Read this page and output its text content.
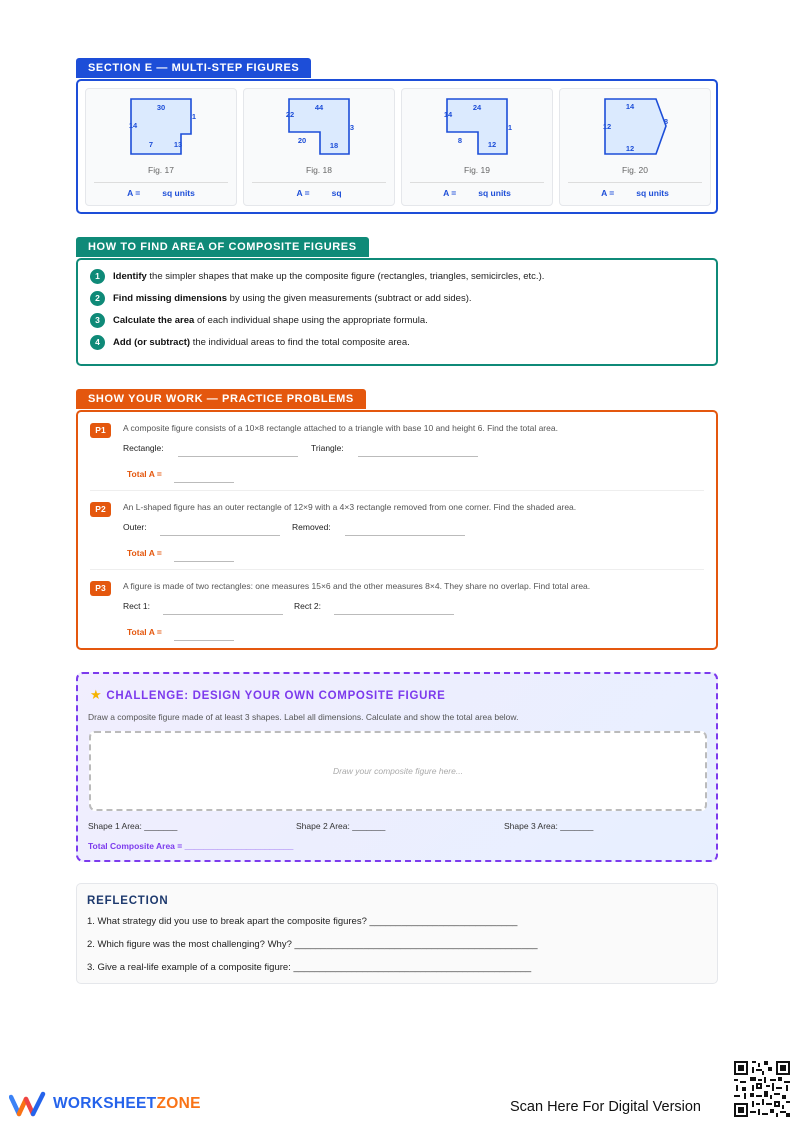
SECTION E — MULTI-STEP FIGURES
30
14
1
7	13
Fig. 17
A =	sq units
44
22
3
20
18
Fig. 18
A =	sq
24
14
1
8	12
Fig. 19
A =	sq units
14
12
8
12
Fig. 20
A =	sq units
HOW TO FIND AREA OF COMPOSITE FIGURES
1 Identify the simpler shapes that make up the composite figure (rectangles, triangles, semicircles, etc.).
2 Find missing dimensions by using the given measurements (subtract or add sides).
3 Calculate the area of each individual shape using the appropriate formula.
4 Add (or subtract) the individual areas to find the total composite area.
SHOW YOUR WORK — PRACTICE PROBLEMS
P1	A composite figure consists of a 10×8 rectangle attached to a triangle with base 10 and height 6. Find the total area.
Rectangle:	Triangle:
Total A =
P2	An L-shaped figure has an outer rectangle of 12×9 with a 4×3 rectangle removed from one corner. Find the shaded area.
Outer:	Removed:
Total A =
P3	A figure is made of two rectangles: one measures 15×6 and the other measures 8×4. They share no overlap. Find total area.
Rect 1:	Rect 2:
Total A =
★ CHALLENGE: DESIGN YOUR OWN COMPOSITE FIGURE
Draw a composite figure made of at least 3 shapes. Label all dimensions. Calculate and show the total area below.
Draw your composite figure here...
Shape 1 Area: _______	Shape 2 Area: _______	Shape 3 Area: _______
Total Composite Area = _______________________
REFLECTION
1. What strategy did you use to break apart the composite figures? ____________________________
2. Which figure was the most challenging? Why? ______________________________________________
3. Give a real-life example of a composite figure: _____________________________________________
WORKSHEETZONE	Scan Here For Digital Version
